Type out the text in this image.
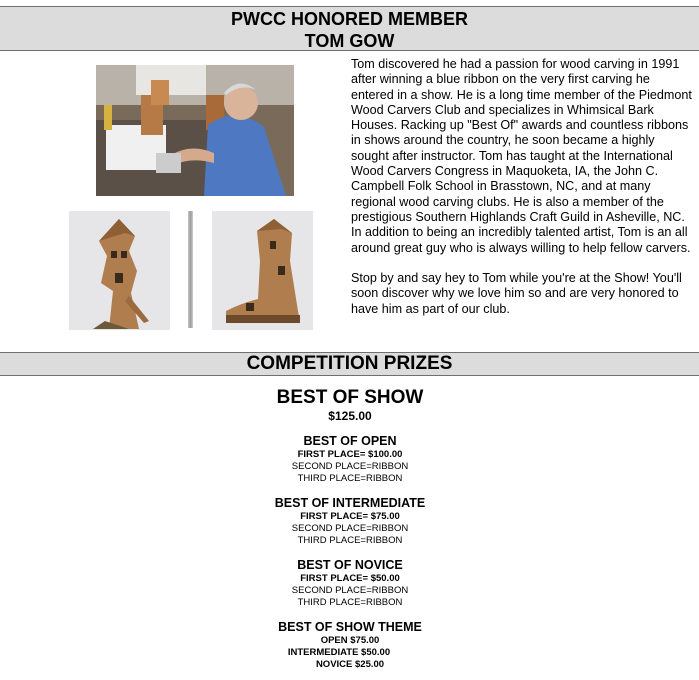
PWCC HONORED MEMBER
TOM GOW
Tom discovered he had a passion for wood carving in 1991
after winning a blue ribbon on the very first carving he
entered in a show. He is a long time member of the Piedmont
Wood Carvers Club and specializes in Whimsical Bark
Houses. Racking up "Best Of" awards and countless ribbons
in shows around the country, he soon became a highly
sought after instructor. Tom has taught at the International
Wood Carvers Congress in Maquoketa, IA, the John C.
Campbell Folk School in Brasstown, NC, and at many
regional wood carving clubs. He is also a member of the
prestigious Southern Highlands Craft Guild in Asheville, NC.
In addition to being an incredibly talented artist, Tom is an all
around great guy who is always willing to help fellow carvers.

Stop by and say hey to Tom while you're at the Show! You'll
soon discover why we love him so and are very honored to
have him as part of our club.
COMPETITION PRIZES
BEST OF SHOW
$125.00
BEST OF OPEN
FIRST PLACE= $100.00
SECOND PLACE=RIBBON
THIRD PLACE=RIBBON
BEST OF INTERMEDIATE
FIRST PLACE= $75.00
SECOND PLACE=RIBBON
THIRD PLACE=RIBBON
BEST OF NOVICE
FIRST PLACE= $50.00
SECOND PLACE=RIBBON
THIRD PLACE=RIBBON
BEST OF SHOW THEME
OPEN $75.00
INTERMEDIATE $50.00
NOVICE $25.00
